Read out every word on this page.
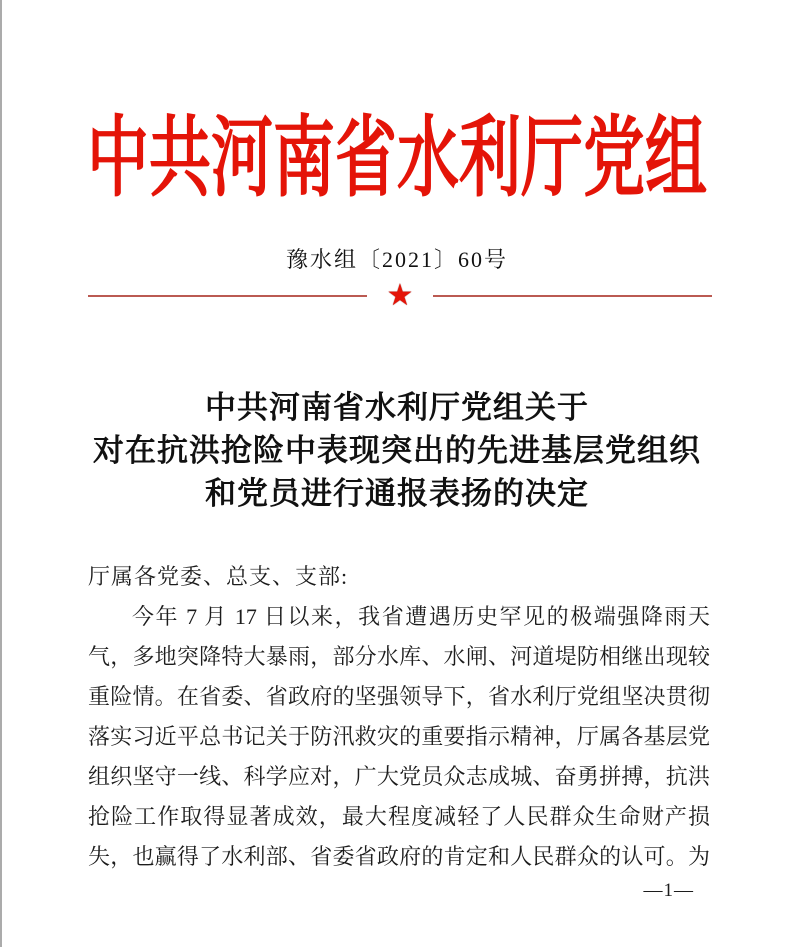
中共河南省水利厅党组
豫水组〔2021〕60号
★
中共河南省水利厅党组关于
对在抗洪抢险中表现突出的先进基层党组织
和党员进行通报表扬的决定
厅属各党委、总支、支部:
今年 7 月 17 日以来，我省遭遇历史罕见的极端强降雨天
气，多地突降特大暴雨，部分水库、水闸、河道堤防相继出现较
重险情。在省委、省政府的坚强领导下，省水利厅党组坚决贯彻
落实习近平总书记关于防汛救灾的重要指示精神，厅属各基层党
组织坚守一线、科学应对，广大党员众志成城、奋勇拼搏，抗洪
抢险工作取得显著成效，最大程度减轻了人民群众生命财产损
失，也赢得了水利部、省委省政府的肯定和人民群众的认可。为
—1—
